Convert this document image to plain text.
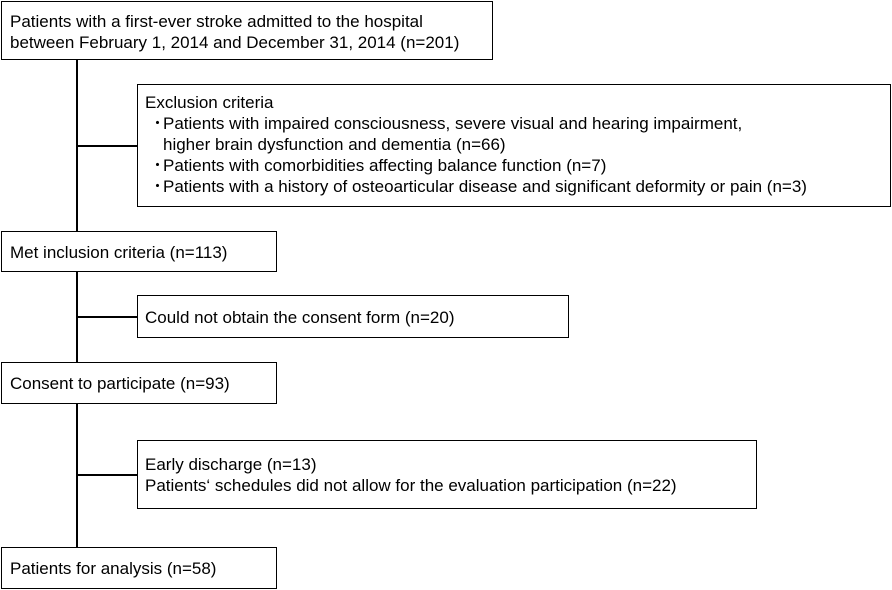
Patients with a first-ever stroke admitted to the hospital
between February 1, 2014 and December 31, 2014 (n=201)
Exclusion criteria
・
Patients with impaired consciousness, severe visual and hearing impairment,
higher brain dysfunction and dementia (n=66)
・
Patients with comorbidities affecting balance function (n=7)
・
Patients with a history of osteoarticular disease and significant deformity or pain (n=3)
Met inclusion criteria (n=113)
Could not obtain the consent form (n=20)
Consent to participate (n=93)
Early discharge (n=13)
Patients‘ schedules did not allow for the evaluation participation (n=22)
Patients for analysis (n=58)
